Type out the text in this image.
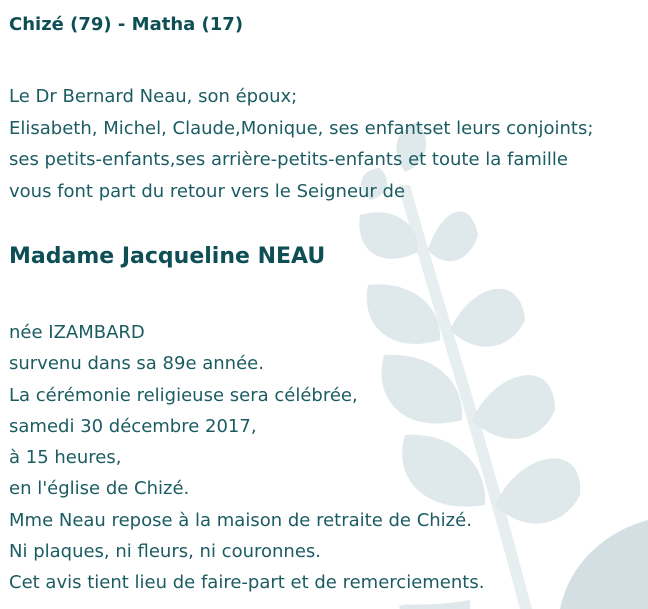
Chizé (79) - Matha (17)
Le Dr Bernard Neau, son époux;
Elisabeth, Michel, Claude,Monique, ses enfantset leurs conjoints;
ses petits-enfants,ses arrière-petits-enfants et toute la famille
vous font part du retour vers le Seigneur de
Madame Jacqueline NEAU
née IZAMBARD
survenu dans sa 89e année.
La cérémonie religieuse sera célébrée,
samedi 30 décembre 2017,
à 15 heures,
en l'église de Chizé.
Mme Neau repose à la maison de retraite de Chizé.
Ni plaques, ni fleurs, ni couronnes.
Cet avis tient lieu de faire-part et de remerciements.
